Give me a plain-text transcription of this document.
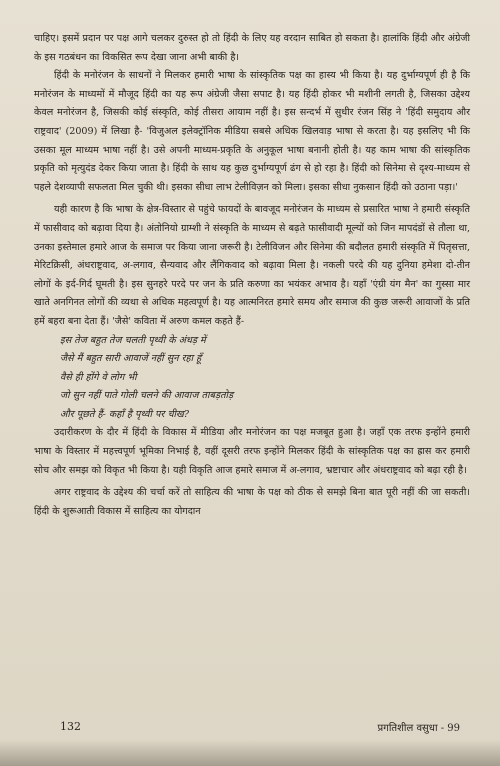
चाहिए। इसमें प्रदान पर पक्ष आगे चलकर दुरुस्त हो तो हिंदी के लिए यह वरदान साबित हो सकता है। हालांकि हिंदी और अंग्रेजी के इस गठबंधन का विकसित रूप देखा जाना अभी बाकी है।

हिंदी के मनोरंजन के साधनों ने मिलकर हमारी भाषा के सांस्कृतिक पक्ष का हास्य भी किया है। यह दुर्भाग्यपूर्ण ही है कि मनोरंजन के माध्यमों में मौजूद हिंदी का यह रूप अंग्रेजी जैसा सपाट है। यह हिंदी होकर भी मशीनी लगती है, जिसका उद्देश्य केवल मनोरंजन है, जिसकी कोई संस्कृति, कोई तीसरा आयाम नहीं है। इस सन्दर्भ में सुधीर रंजन सिंह ने 'हिंदी समुदाय और राष्ट्रवाद' (2009) में लिखा है- 'विजुअल इलेक्ट्रॉनिक मीडिया सबसे अधिक खिलवाड़ भाषा से करता है। यह इसलिए भी कि उसका मूल माध्यम भाषा नहीं है। उसे अपनी माध्यम-प्रकृति के अनुकूल भाषा बनानी होती है। यह काम भाषा की सांस्कृतिक प्रकृति को मृत्युदंड देकर किया जाता है। हिंदी के साथ यह कुछ दुर्भाग्यपूर्ण ढंग से हो रहा है। हिंदी को सिनेमा से दृश्य-माध्यम से पहले देशव्यापी सफलता मिल चुकी थी। इसका सीधा लाभ टेलीविज़न को मिला। इसका सीधा नुकसान हिंदी को उठाना पड़ा।'

यही कारण है कि भाषा के क्षेत्र-विस्तार से पहुंचे फायदों के बावजूद मनोरंजन के माध्यम से प्रसारित भाषा ने हमारी संस्कृति में फासीवाद को बढ़ावा दिया है। अंतोनियो ग्राम्शी ने संस्कृति के माध्यम से बढ़ते फासीवादी मूल्यों को जिन मापदंडों से तौला था, उनका इस्तेमाल हमारे आज के समाज पर किया जाना जरूरी है। टेलीविजन और सिनेमा की बदौलत हमारी संस्कृति में पितृसत्ता, मेरिटक्रिसी, अंधराष्ट्रवाद, अ-लगाव, सैन्यवाद और लैंगिकवाद को बढ़ावा मिला है। नकली परदे की यह दुनिया हमेशा दो-तीन लोगों के इर्द-गिर्द घूमती है। इस सुनहरे परदे पर जन के प्रति करुणा का भयंकर अभाव है। यहाँ 'एंग्री यंग मैन' का गुस्सा मार खाते अनगिनत लोगों की व्यथा से अधिक महत्वपूर्ण है। यह आत्मनिरत हमारे समय और समाज की कुछ जरूरी आवाजों के प्रति हमें बहरा बना देता हैं। 'जैसे' कविता में अरुण कमल कहते हैं-

इस तेज बहुत तेज चलती पृथ्वी के अंधड़ में
जैसे मैं बहुत सारी आवाजें नहीं सुन रहा हूँ
वैसे ही होंगे वे लोग भी
जो सुन नहीं पाते गोली चलने की आवाज ताबड़तोड़
और पूछते हैं- कहाँ है पृथ्वी पर चीख?

उदारीकरण के दौर में हिंदी के विकास में मीडिया और मनोरंजन का पक्ष मजबूत हुआ है। जहाँ एक तरफ इन्होंने हमारी भाषा के विस्तार में महत्त्वपूर्ण भूमिका निभाई है, वहीं दूसरी तरफ इन्होंने मिलकर हिंदी के सांस्कृतिक पक्ष का ह्रास कर हमारी सोच और समझ को विकृत भी किया है। यही विकृति आज हमारे समाज में अ-लगाव, भ्रष्टाचार और अंधराष्ट्रवाद को बढ़ा रही है।

अगर राष्ट्रवाद के उद्देश्य की चर्चा करें तो साहित्य की भाषा के पक्ष को ठीक से समझे बिना बात पूरी नहीं की जा सकती। हिंदी के शुरूआती विकास में साहित्य का योगदान

132	प्रगतिशील वसुधा - 99
